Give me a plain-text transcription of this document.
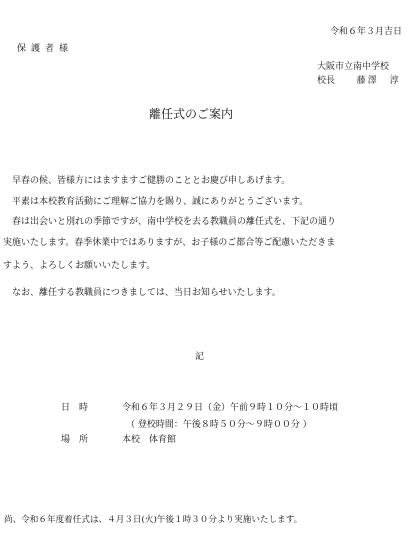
令和６年３月吉日
保護者様
大阪市立南中学校
校長 藤澤　淳
離任式のご案内
早春の候、皆様方にはますますご健勝のこととお慶び申しあげます。
平素は本校教育活動にご理解ご協力を賜り、誠にありがとうございます。
春は出会いと別れの季節ですが、南中学校を去る教職員の離任式を、下記の通り
実施いたします。春季休業中ではありますが、お子様のご都合等ご配慮いただきま
すよう、よろしくお願いいたします。
なお、離任する教職員につきましては、当日お知らせいたします。
記
日　時	令和６年３月２９日（金）午前９時１０分～１０時頃
（ 登校時間：午後８時５０分～９時００分 ）
場　所	本校　体育館
尚、令和６年度着任式は、４月３日(火)午後１時３０分より実施いたします。
